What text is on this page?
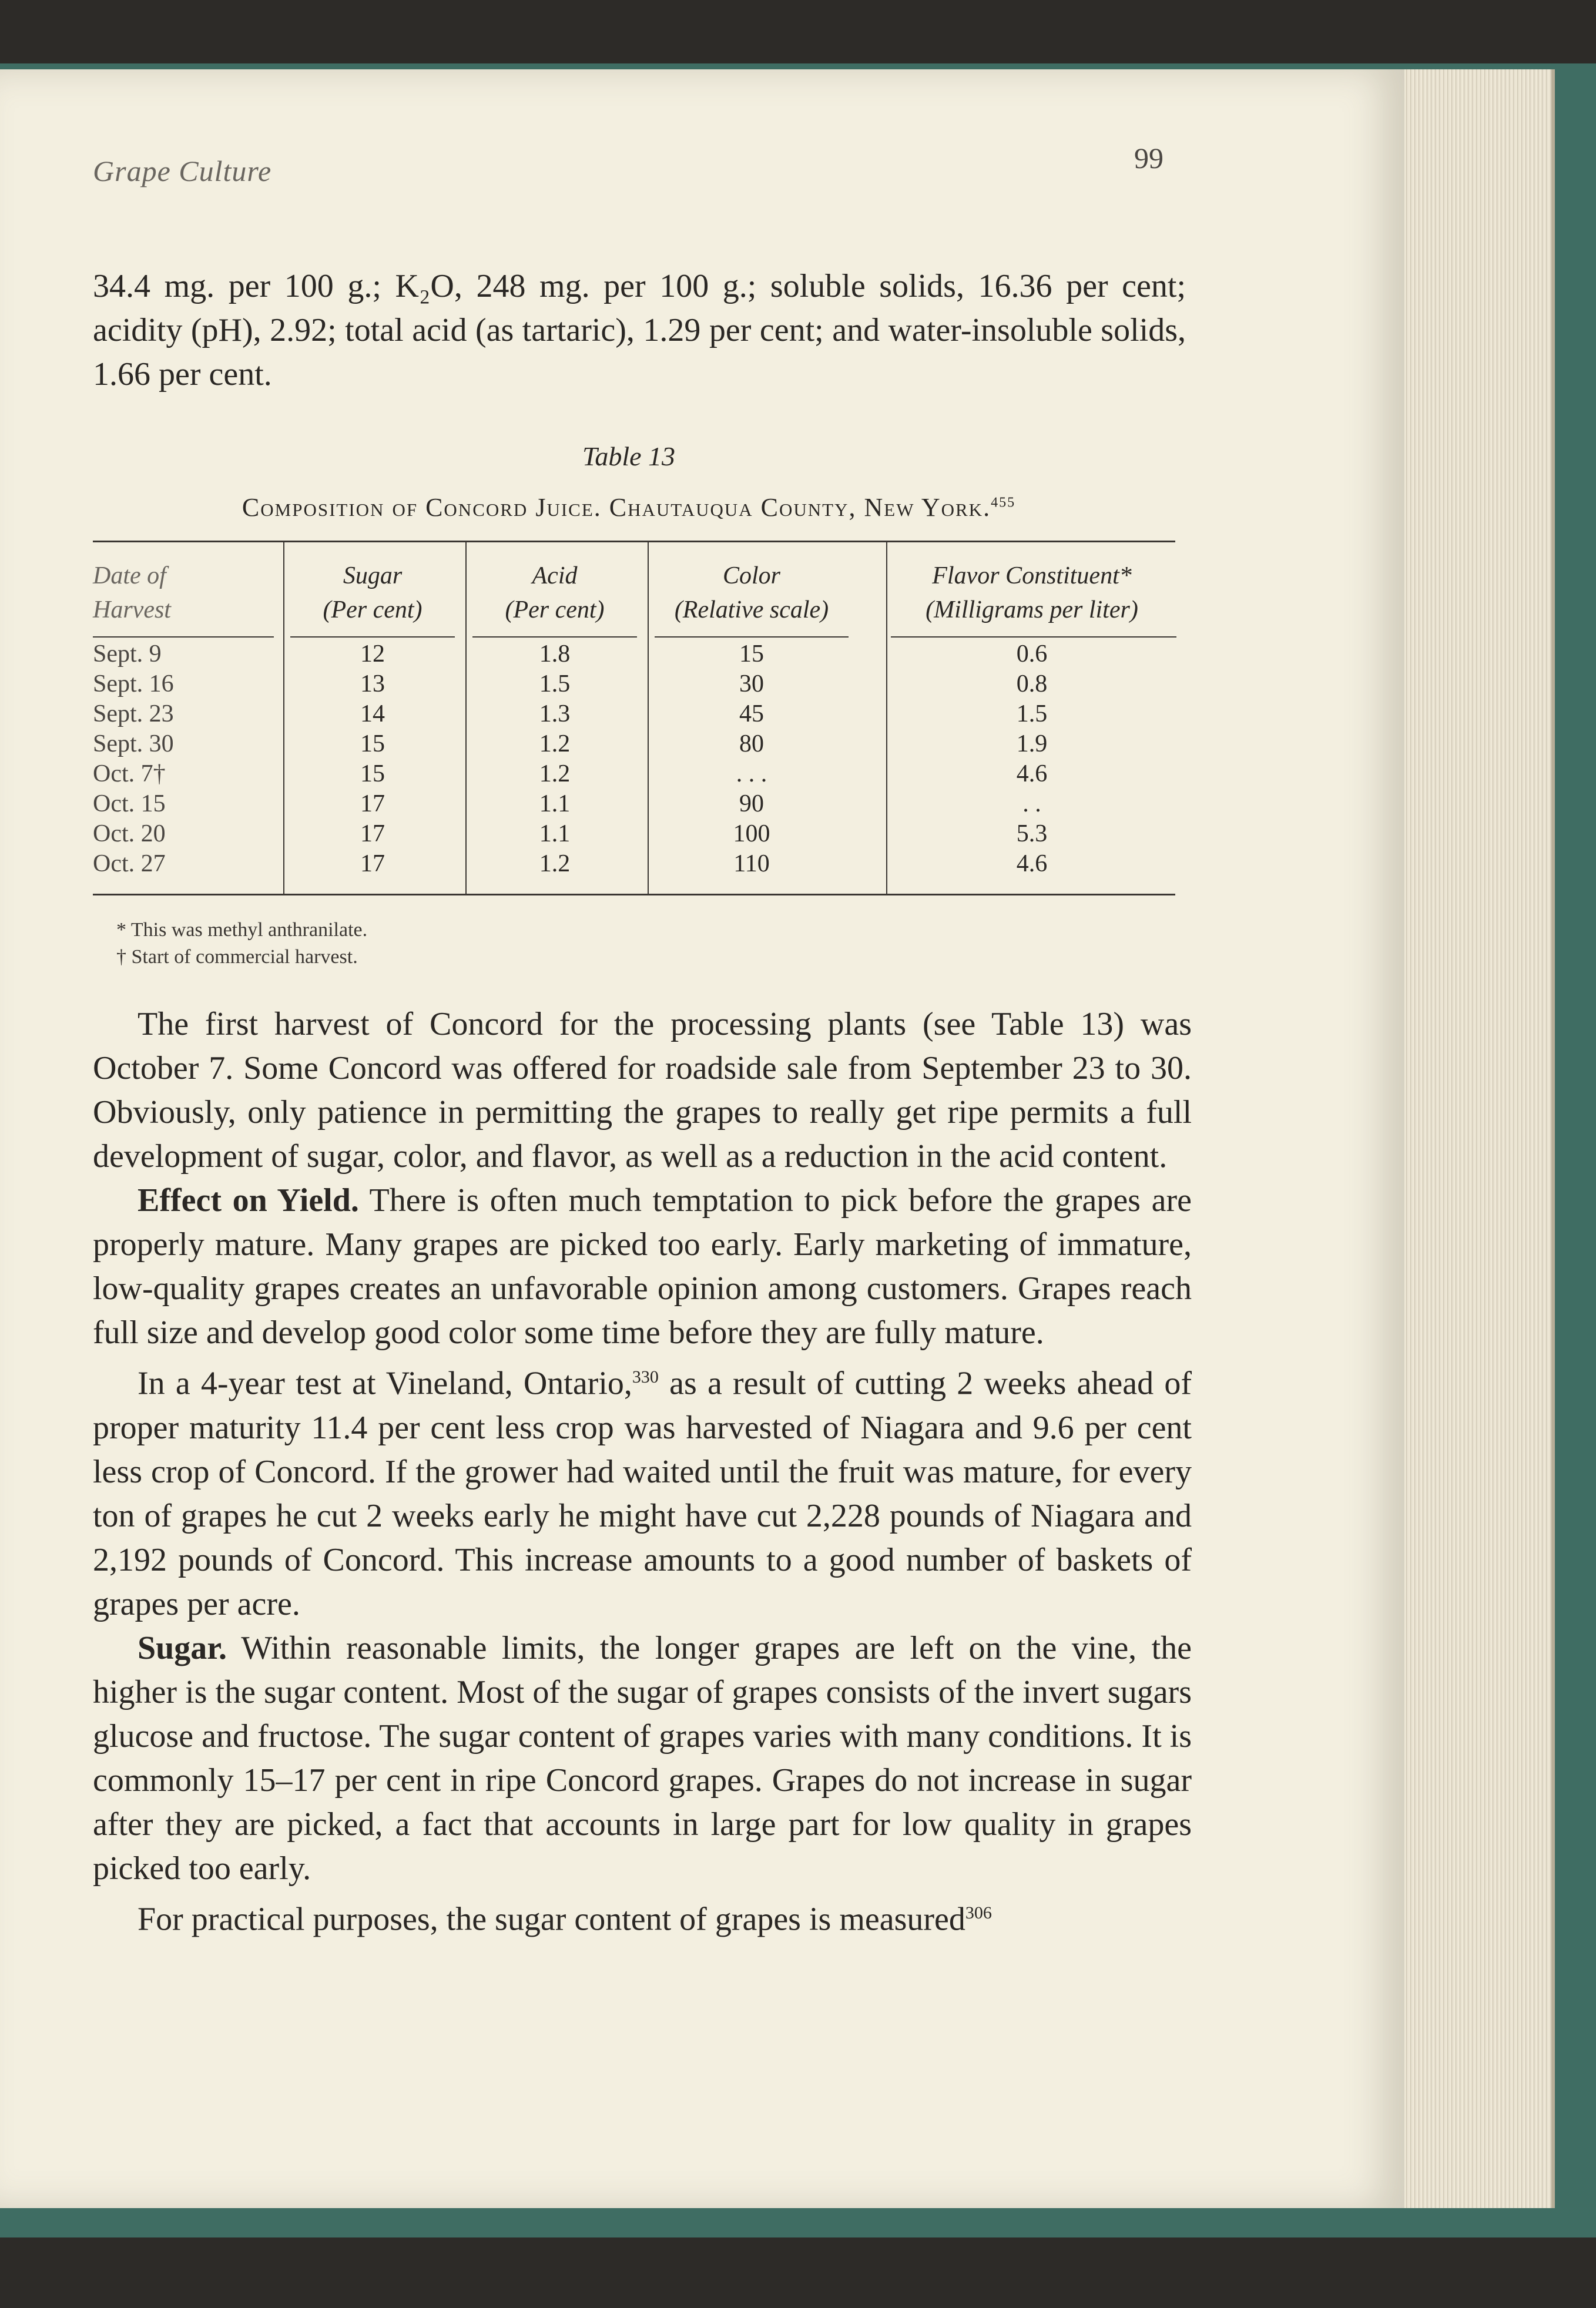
Grape Culture	99

34.4 mg. per 100 g.; K₂O, 248 mg. per 100 g.; soluble solids, 16.36 per cent; acidity (pH), 2.92; total acid (as tartaric), 1.29 per cent; and water-insoluble solids, 1.66 per cent.

Table 13
Composition of Concord Juice. Chautauqua County, New York.$^{455}$
Date of
Harvest
Sept. 9
Sept. 16
Sept. 23
Sept. 30
Oct. 7†
Oct. 15
Oct. 20
Oct. 27
Sugar
(Per cent)
12
13
14
15
15
17
17
17
Acid
(Per cent)
1.8
1.5
1.3
1.2
1.2
1.1
1.1
1.2
Color
(Relative scale)
15
30
45
80
. . .
90
100
110
Flavor Constituent*
(Milligrams per liter)
0.6
0.8
1.5
1.9
4.6
. .
5.3
4.6
* This was methyl anthranilate.
† Start of commercial harvest.

The first harvest of Concord for the processing plants (see Table 13) was October 7. Some Concord was offered for roadside sale from September 23 to 30. Obviously, only patience in permitting the grapes to really get ripe permits a full development of sugar, color, and flavor, as well as a reduction in the acid content.

Effect on Yield. There is often much temptation to pick before the grapes are properly mature. Many grapes are picked too early. Early marketing of immature, low-quality grapes creates an unfavorable opinion among customers. Grapes reach full size and develop good color some time before they are fully mature.

In a 4-year test at Vineland, Ontario,$^{330}$ as a result of cutting 2 weeks ahead of proper maturity 11.4 per cent less crop was harvested of Niagara and 9.6 per cent less crop of Concord. If the grower had waited until the fruit was mature, for every ton of grapes he cut 2 weeks early he might have cut 2,228 pounds of Niagara and 2,192 pounds of Concord. This increase amounts to a good number of baskets of grapes per acre.

Sugar. Within reasonable limits, the longer grapes are left on the vine, the higher is the sugar content. Most of the sugar of grapes consists of the invert sugars glucose and fructose. The sugar content of grapes varies with many conditions. It is commonly 15–17 per cent in ripe Concord grapes. Grapes do not increase in sugar after they are picked, a fact that accounts in large part for low quality in grapes picked too early.

For practical purposes, the sugar content of grapes is measured$^{306}$
